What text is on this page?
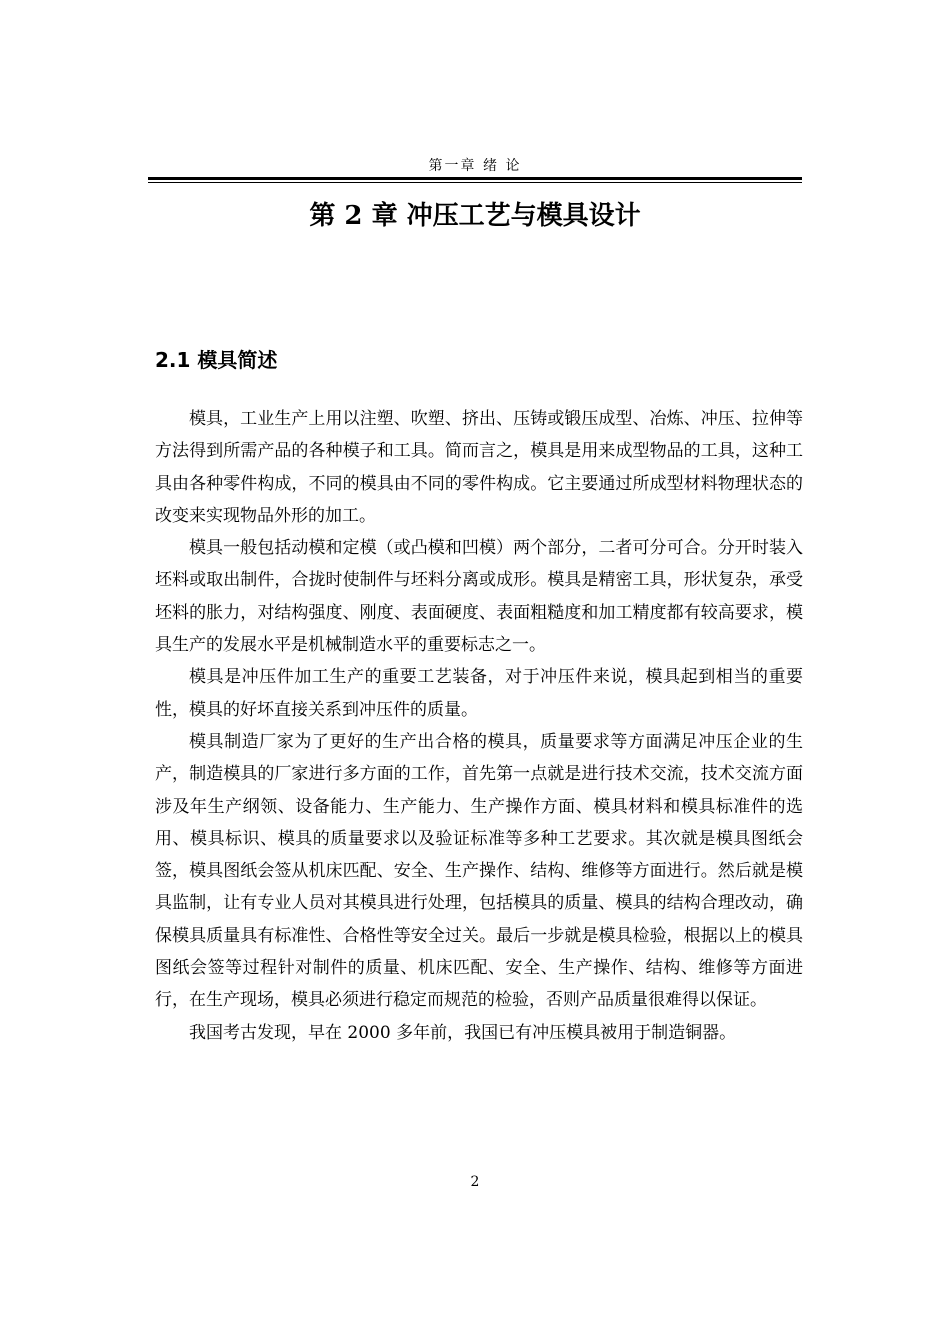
第一章 绪 论
第 2 章 冲压工艺与模具设计
2.1 模具简述

模具，工业生产上用以注塑、吹塑、挤出、压铸或锻压成型、冶炼、冲压、拉伸等方法得到所需产品的各种模子和工具。简而言之，模具是用来成型物品的工具，这种工具由各种零件构成，不同的模具由不同的零件构成。它主要通过所成型材料物理状态的改变来实现物品外形的加工。

模具一般包括动模和定模（或凸模和凹模）两个部分，二者可分可合。分开时装入坯料或取出制件，合拢时使制件与坯料分离或成形。模具是精密工具，形状复杂，承受坯料的胀力，对结构强度、刚度、表面硬度、表面粗糙度和加工精度都有较高要求，模具生产的发展水平是机械制造水平的重要标志之一。

模具是冲压件加工生产的重要工艺装备，对于冲压件来说，模具起到相当的重要性，模具的好坏直接关系到冲压件的质量。

模具制造厂家为了更好的生产出合格的模具，质量要求等方面满足冲压企业的生产，制造模具的厂家进行多方面的工作，首先第一点就是进行技术交流，技术交流方面涉及年生产纲领、设备能力、生产能力、生产操作方面、模具材料和模具标准件的选用、模具标识、模具的质量要求以及验证标准等多种工艺要求。其次就是模具图纸会签，模具图纸会签从机床匹配、安全、生产操作、结构、维修等方面进行。然后就是模具监制，让有专业人员对其模具进行处理，包括模具的质量、模具的结构合理改动，确保模具质量具有标准性、合格性等安全过关。最后一步就是模具检验，根据以上的模具图纸会签等过程针对制件的质量、机床匹配、安全、生产操作、结构、维修等方面进行，在生产现场，模具必须进行稳定而规范的检验，否则产品质量很难得以保证。

我国考古发现，早在 2000 多年前，我国已有冲压模具被用于制造铜器。

2
